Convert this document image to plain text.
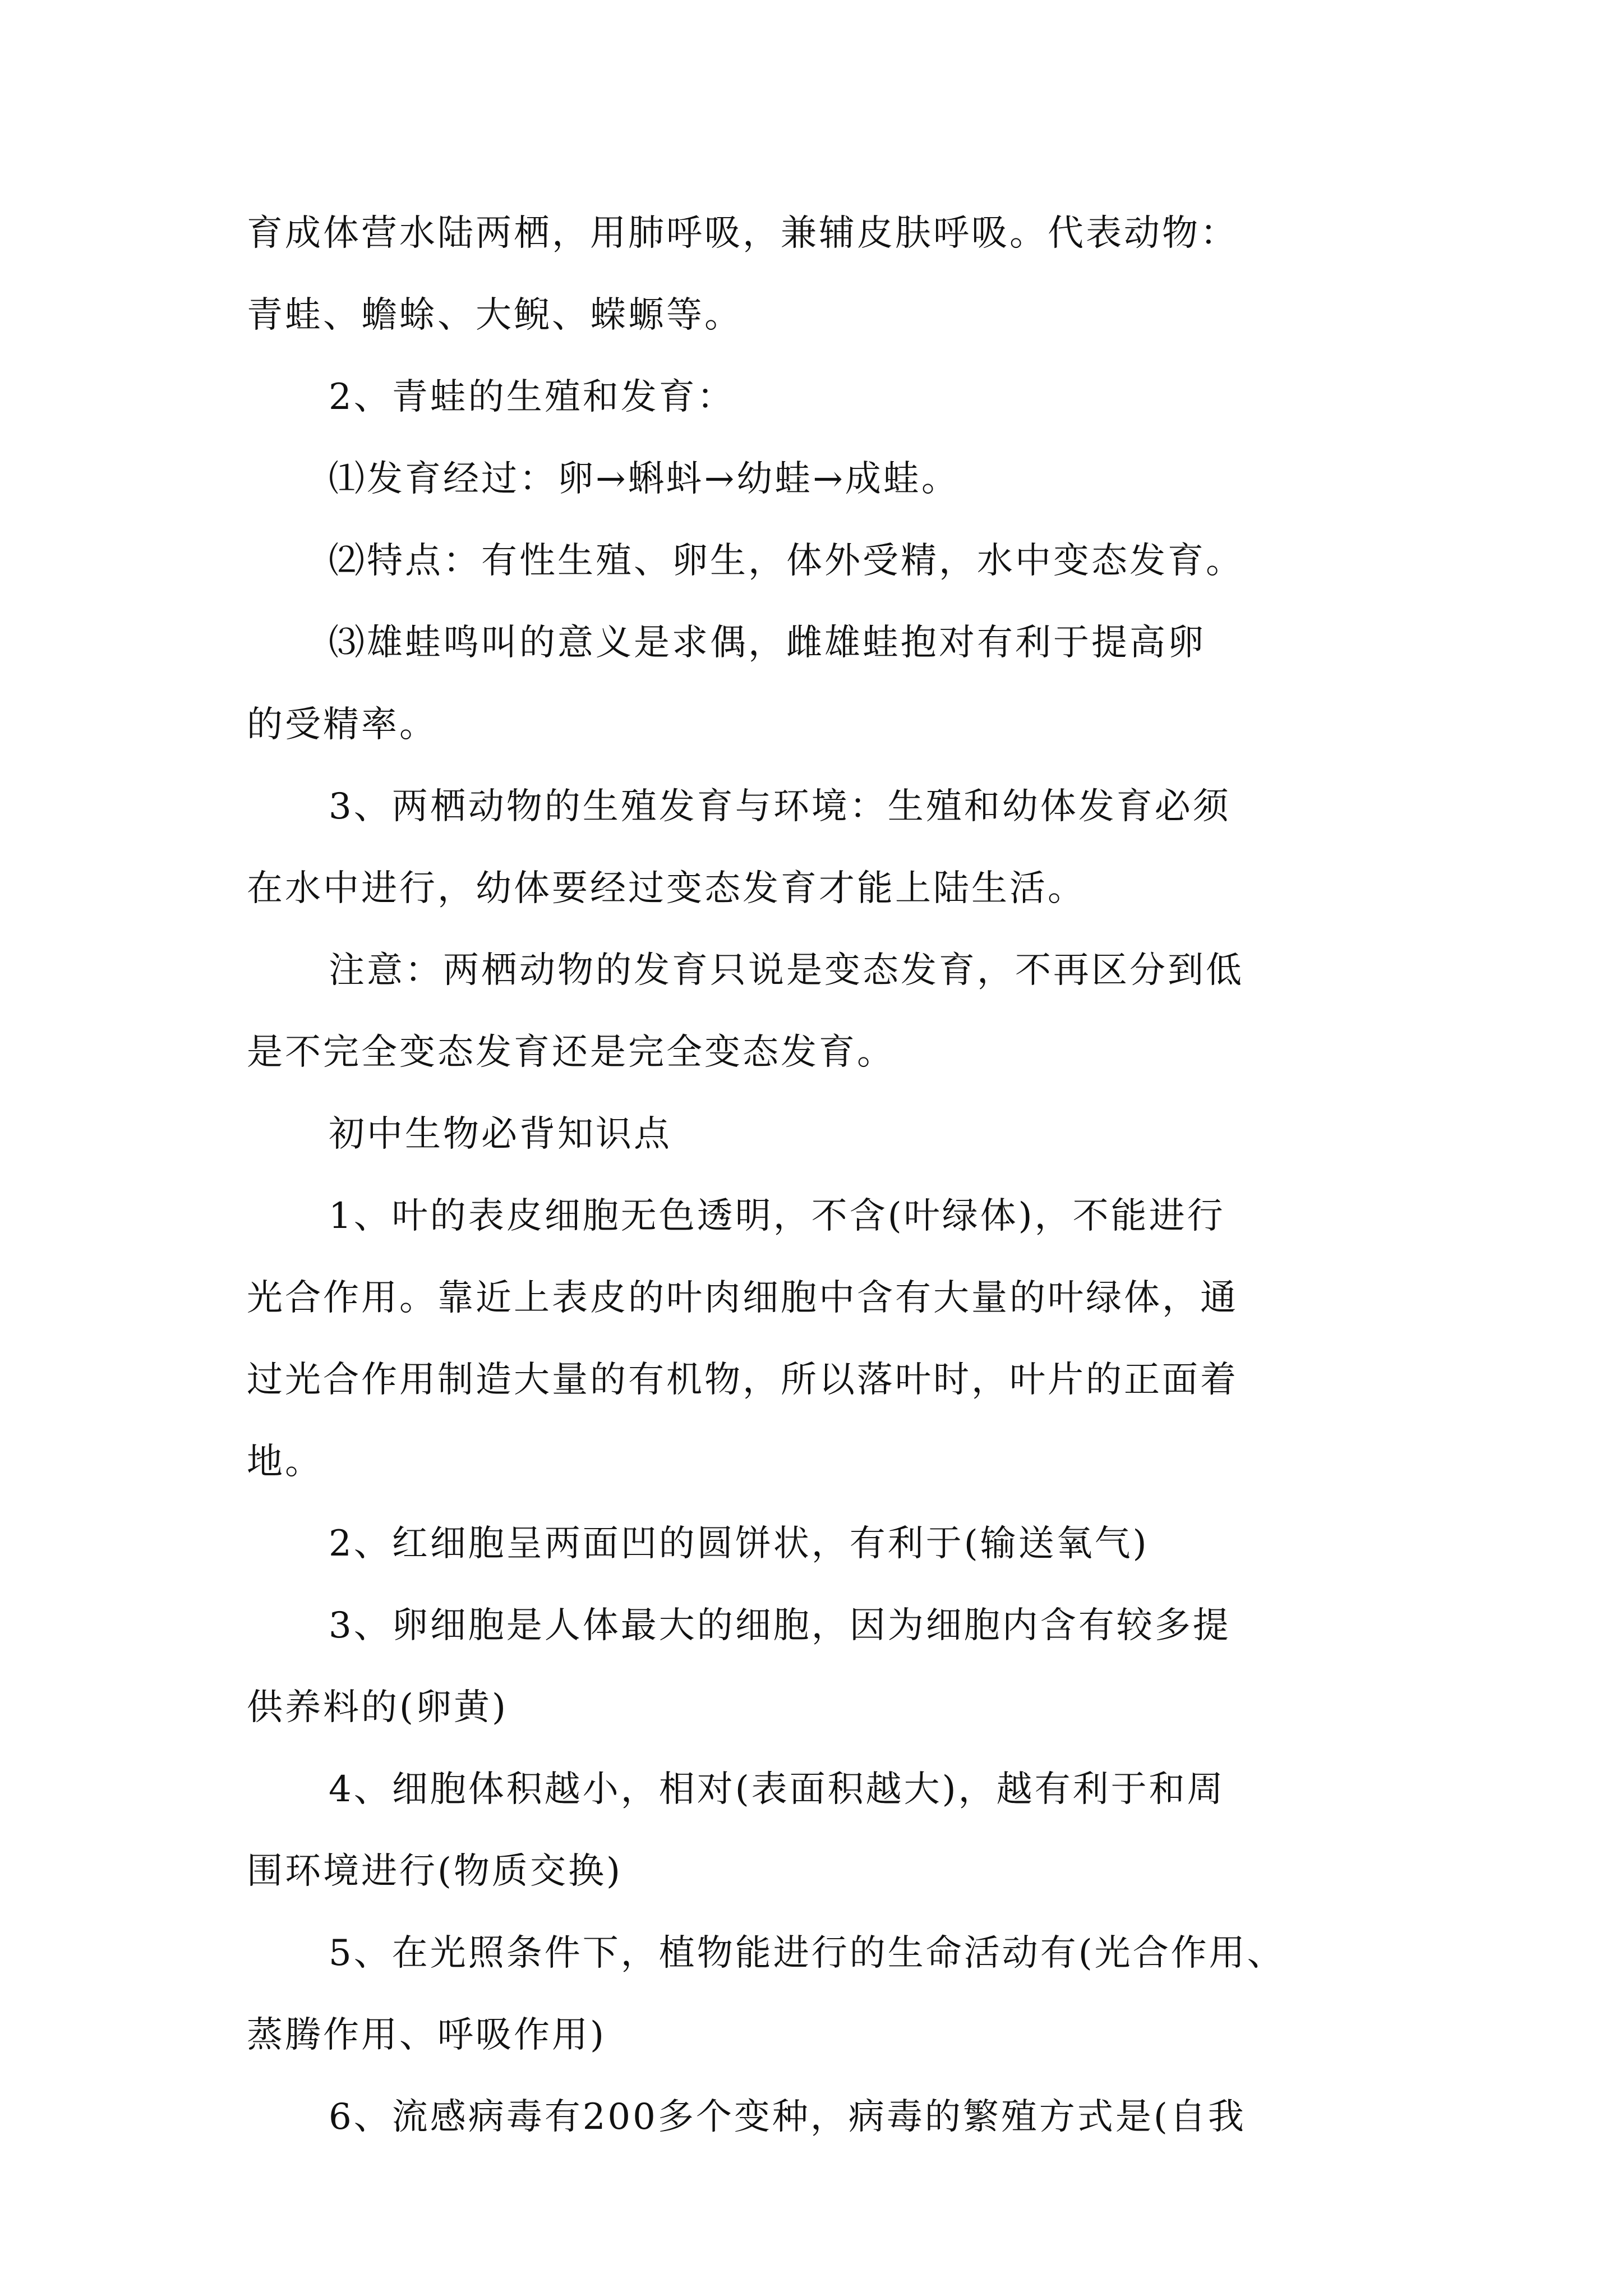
育成体营水陆两栖，用肺呼吸，兼辅皮肤呼吸。代表动物：
青蛙、蟾蜍、大鲵、蝾螈等。
2、青蛙的生殖和发育：
⑴发育经过：卵→蝌蚪→幼蛙→成蛙。
⑵特点：有性生殖、卵生，体外受精，水中变态发育。
⑶雄蛙鸣叫的意义是求偶，雌雄蛙抱对有利于提高卵
的受精率。
3、两栖动物的生殖发育与环境：生殖和幼体发育必须
在水中进行，幼体要经过变态发育才能上陆生活。
注意：两栖动物的发育只说是变态发育，不再区分到低
是不完全变态发育还是完全变态发育。
初中生物必背知识点
1、叶的表皮细胞无色透明，不含(叶绿体)，不能进行
光合作用。靠近上表皮的叶肉细胞中含有大量的叶绿体，通
过光合作用制造大量的有机物，所以落叶时，叶片的正面着
地。
2、红细胞呈两面凹的圆饼状，有利于(输送氧气)
3、卵细胞是人体最大的细胞，因为细胞内含有较多提
供养料的(卵黄)
4、细胞体积越小，相对(表面积越大)，越有利于和周
围环境进行(物质交换)
5、在光照条件下，植物能进行的生命活动有(光合作用、
蒸腾作用、呼吸作用)
6、流感病毒有200多个变种，病毒的繁殖方式是(自我
